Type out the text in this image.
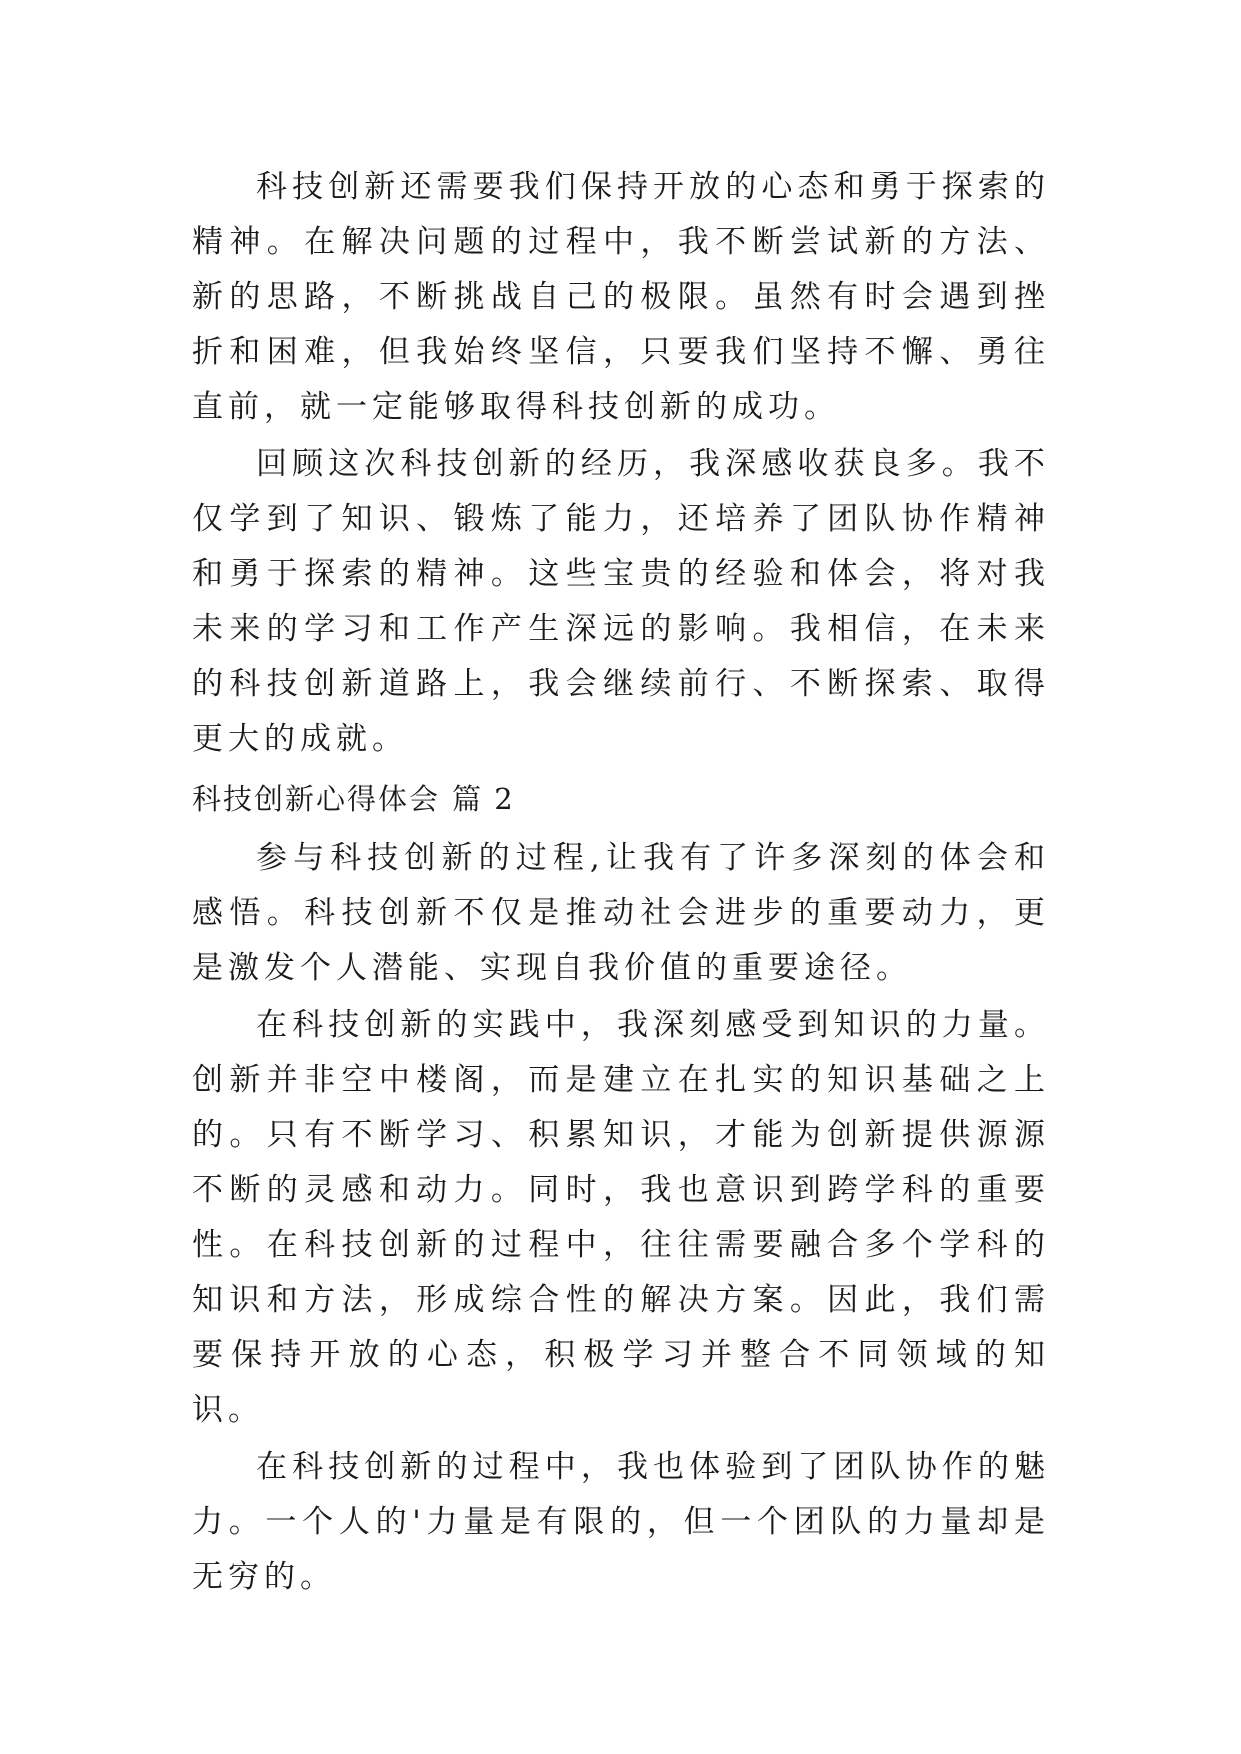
科技创新还需要我们保持开放的心态和勇于探索的精神。在解决问题的过程中，我不断尝试新的方法、新的思路，不断挑战自己的极限。虽然有时会遇到挫折和困难，但我始终坚信，只要我们坚持不懈、勇往直前，就一定能够取得科技创新的成功。

回顾这次科技创新的经历，我深感收获良多。我不仅学到了知识、锻炼了能力，还培养了团队协作精神和勇于探索的精神。这些宝贵的经验和体会，将对我未来的学习和工作产生深远的影响。我相信，在未来的科技创新道路上，我会继续前行、不断探索、取得更大的成就。

科技创新心得体会 篇 2

参与科技创新的过程,让我有了许多深刻的体会和感悟。科技创新不仅是推动社会进步的重要动力，更是激发个人潜能、实现自我价值的重要途径。

在科技创新的实践中，我深刻感受到知识的力量。创新并非空中楼阁，而是建立在扎实的知识基础之上的。只有不断学习、积累知识，才能为创新提供源源不断的灵感和动力。同时，我也意识到跨学科的重要性。在科技创新的过程中，往往需要融合多个学科的知识和方法，形成综合性的解决方案。因此，我们需要保持开放的心态，积极学习并整合不同领域的知识。

在科技创新的过程中，我也体验到了团队协作的魅力。一个人的'力量是有限的，但一个团队的力量却是无穷的。
